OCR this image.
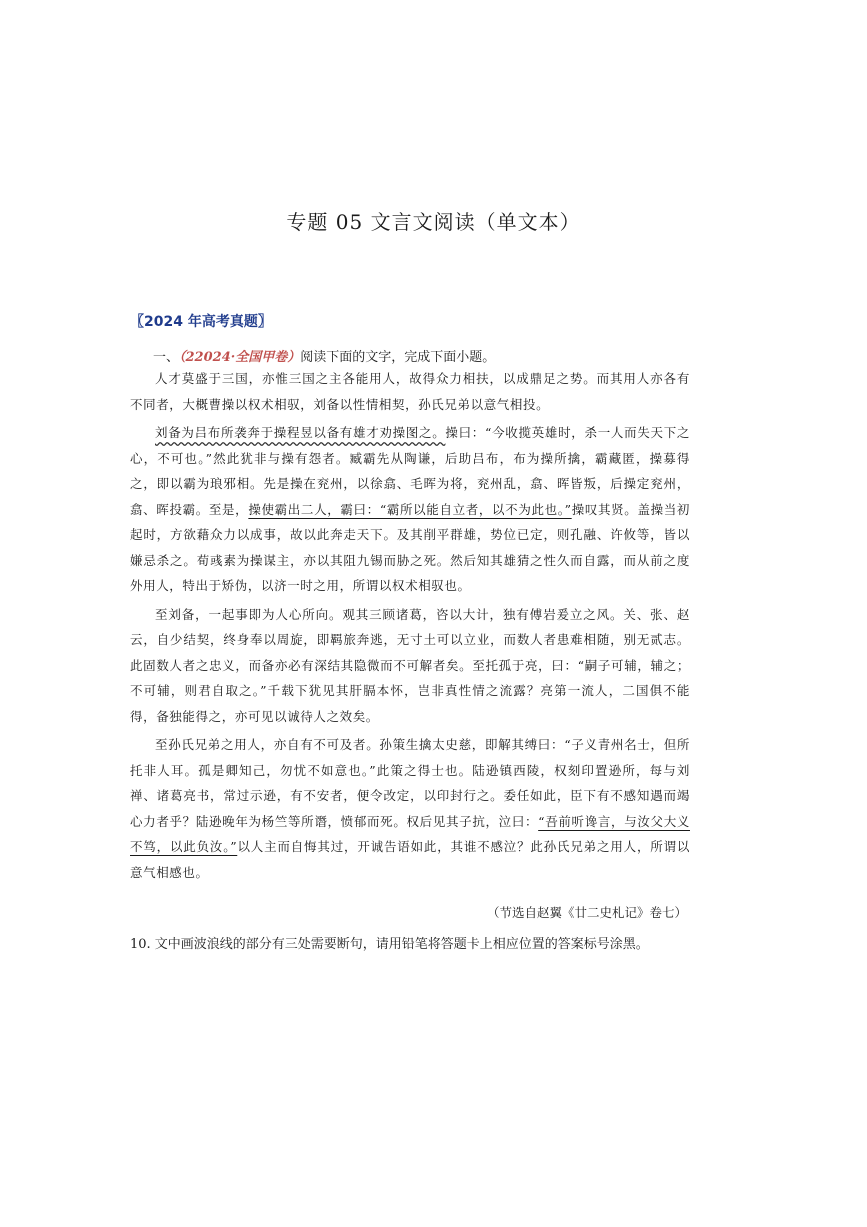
专题 05 文言文阅读（单文本）
〖2024 年高考真题〗
一、（22024·全国甲卷）阅读下面的文字，完成下面小题。

人才莫盛于三国，亦惟三国之主各能用人，故得众力相扶，以成鼎足之势。而其用人亦各有不同者，大概曹操以权术相驭，刘备以性情相契，孙氏兄弟以意气相投。

刘备为吕布所袭奔于操程昱以备有雄才劝操图之。操曰：“今收揽英雄时，杀一人而失天下之心，不可也。”然此犹非与操有怨者。臧霸先从陶谦，后助吕布，布为操所擒，霸藏匿，操募得之，即以霸为琅邪相。先是操在兖州，以徐翕、毛晖为将，兖州乱，翕、晖皆叛，后操定兖州，翕、晖投霸。至是，操使霸出二人，霸曰：“霸所以能自立者，以不为此也。”操叹其贤。盖操当初起时，方欲藉众力以成事，故以此奔走天下。及其削平群雄，势位已定，则孔融、许攸等，皆以嫌忌杀之。荀彧素为操谋主，亦以其阻九锡而胁之死。然后知其雄猜之性久而自露，而从前之度外用人，特出于矫伪，以济一时之用，所谓以权术相驭也。

至刘备，一起事即为人心所向。观其三顾诸葛，咨以大计，独有傅岩爰立之风。关、张、赵云，自少结契，终身奉以周旋，即羁旅奔逃，无寸土可以立业，而数人者患难相随，别无贰志。此固数人者之忠义，而备亦必有深结其隐微而不可解者矣。至托孤于亮，曰：“嗣子可辅，辅之；不可辅，则君自取之。”千载下犹见其肝膈本怀，岂非真性情之流露？亮第一流人，二国俱不能得，备独能得之，亦可见以诚待人之效矣。

至孙氏兄弟之用人，亦自有不可及者。孙策生擒太史慈，即解其缚曰：“子义青州名士，但所托非人耳。孤是卿知己，勿忧不如意也。”此策之得士也。陆逊镇西陵，权刻印置逊所，每与刘禅、诸葛亮书，常过示逊，有不安者，便令改定，以印封行之。委任如此，臣下有不感知遇而竭心力者乎？陆逊晚年为杨竺等所谮，愤郁而死。权后见其子抗，泣曰：“吾前听谗言，与汝父大义不笃，以此负汝。”以人主而自悔其过，开诚告语如此，其谁不感泣？此孙氏兄弟之用人，所谓以意气相感也。

（节选自赵翼《廿二史札记》卷七）
10. 文中画波浪线的部分有三处需要断句，请用铅笔将答题卡上相应位置的答案标号涂黑。
